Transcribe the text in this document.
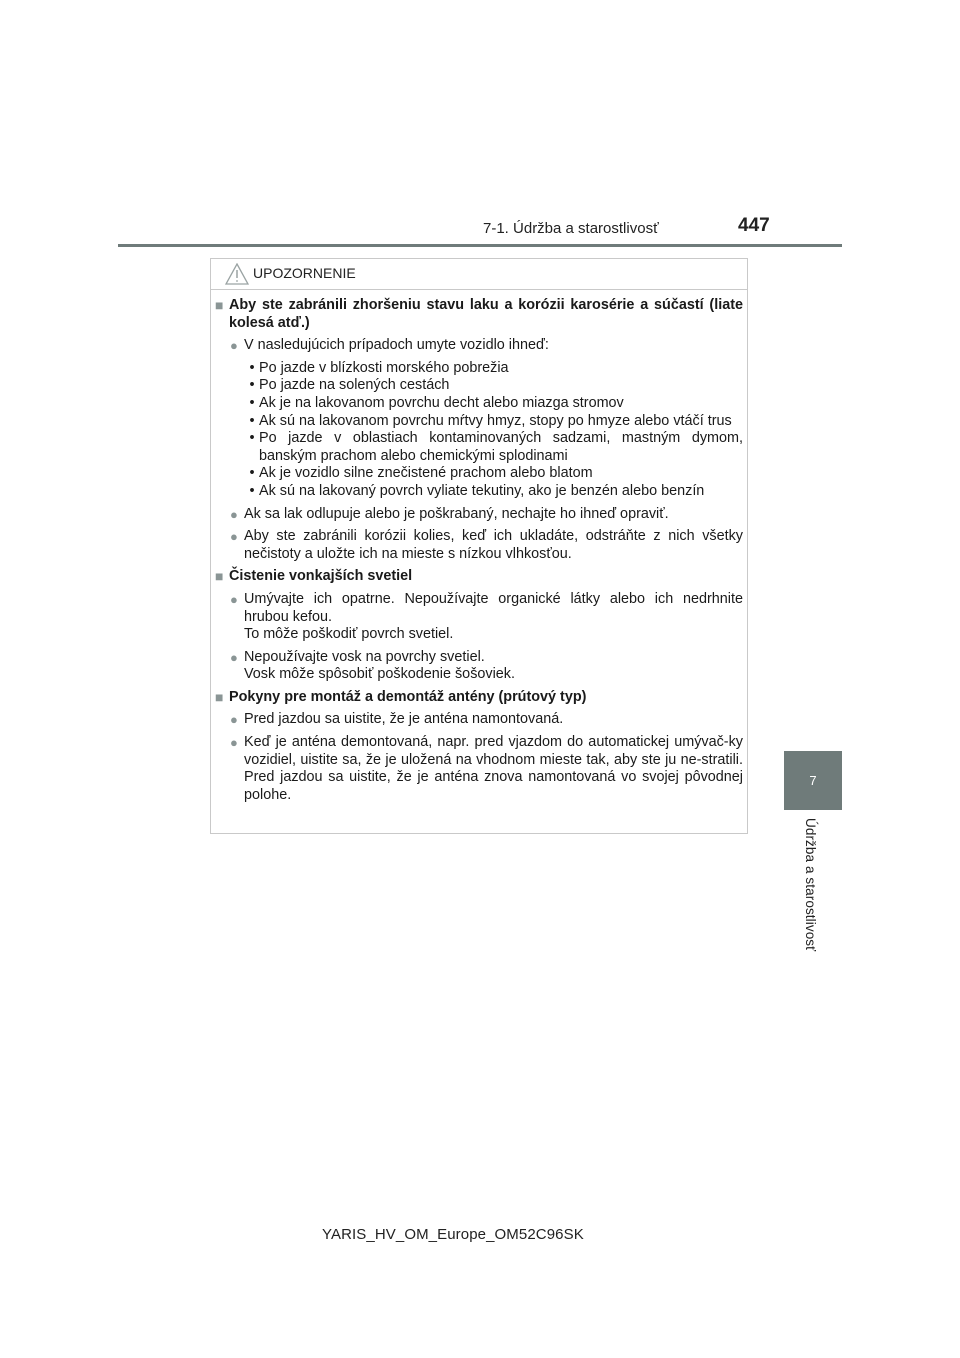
7-1. Údržba a starostlivosť	447
7
Údržba a starostlivosť
UPOZORNENIE
■ Aby ste zabránili zhoršeniu stavu laku a korózii karosérie a súčastí (liate kolesá atď.)
● V nasledujúcich prípadoch umyte vozidlo ihneď:
• Po jazde v blízkosti morského pobrežia
• Po jazde na solených cestách
• Ak je na lakovanom povrchu decht alebo miazga stromov
• Ak sú na lakovanom povrchu mŕtvy hmyz, stopy po hmyze alebo vtáčí trus
• Po jazde v oblastiach kontaminovaných sadzami, mastným dymom, banským prachom alebo chemickými splodinami
• Ak je vozidlo silne znečistené prachom alebo blatom
• Ak sú na lakovaný povrch vyliate tekutiny, ako je benzén alebo benzín
● Ak sa lak odlupuje alebo je poškrabaný, nechajte ho ihneď opraviť.
● Aby ste zabránili korózii kolies, keď ich ukladáte, odstráňte z nich všetky nečistoty a uložte ich na mieste s nízkou vlhkosťou.
■ Čistenie vonkajších svetiel
● Umývajte ich opatrne. Nepoužívajte organické látky alebo ich nedrhnite hrubou kefou.
To môže poškodiť povrch svetiel.
● Nepoužívajte vosk na povrchy svetiel.
Vosk môže spôsobiť poškodenie šošoviek.
■ Pokyny pre montáž a demontáž antény (prútový typ)
● Pred jazdou sa uistite, že je anténa namontovaná.
● Keď je anténa demontovaná, napr. pred vjazdom do automatickej umývač-ky vozidiel, uistite sa, že je uložená na vhodnom mieste tak, aby ste ju ne-stratili. Pred jazdou sa uistite, že je anténa znova namontovaná vo svojej pôvodnej polohe.
YARIS_HV_OM_Europe_OM52C96SK
